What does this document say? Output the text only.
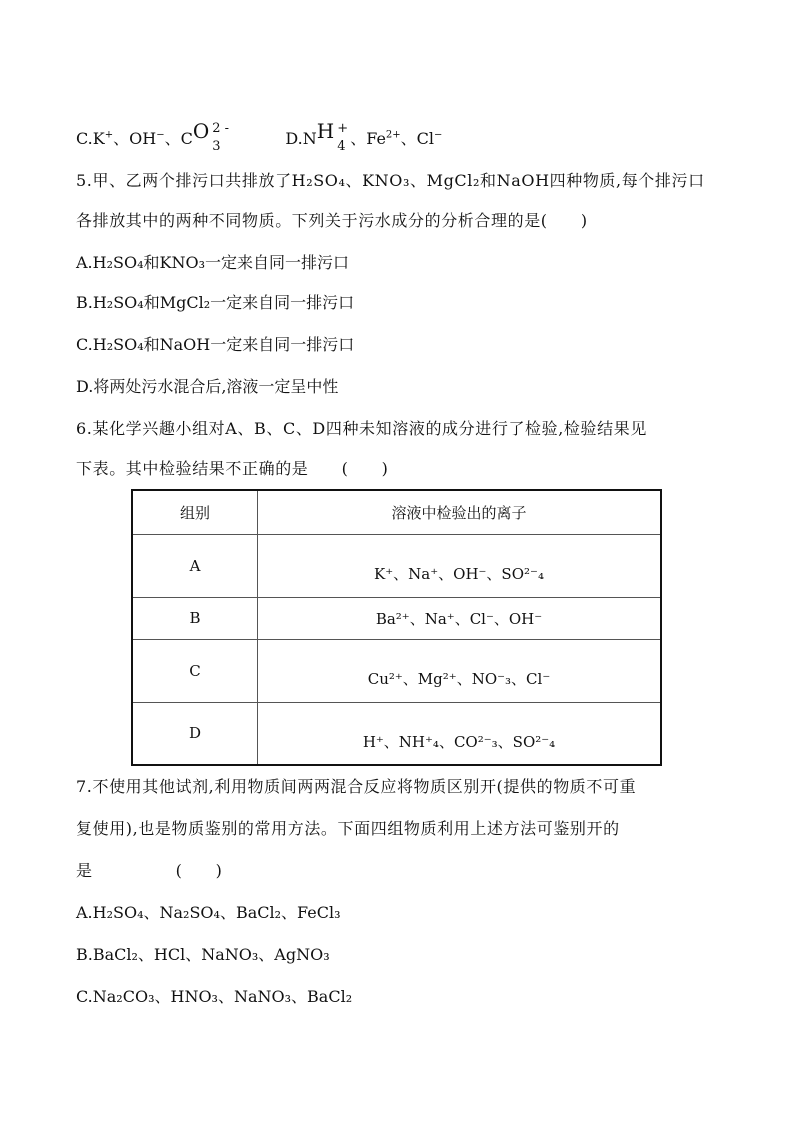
C.K+、OH−、CO 2 -
3	D.NH +
4 、$Fe^{2+}$、Cl−
5.甲、乙两个排污口共排放了H₂SO₄、KNO₃、MgCl₂和NaOH四种物质,每个排污口
各排放其中的两种不同物质。下列关于污水成分的分析合理的是(　　)
A.H₂SO₄和KNO₃一定来自同一排污口
B.H₂SO₄和MgCl₂一定来自同一排污口
C.H₂SO₄和NaOH一定来自同一排污口
D.将两处污水混合后,溶液一定呈中性
6.某化学兴趣小组对A、B、C、D四种未知溶液的成分进行了检验,检验结果见
下表。其中检验结果不正确的是　　(　　)
组别	溶液中检验出的离子
A	K⁺、Na⁺、OH⁻、SO²⁻₄
B	Ba²⁺、Na⁺、Cl⁻、OH⁻
C	Cu²⁺、Mg²⁺、NO⁻₃、Cl⁻
D	H⁺、NH⁺₄、CO²⁻₃、SO²⁻₄
7.不使用其他试剂,利用物质间两两混合反应将物质区别开(提供的物质不可重
复使用),也是物质鉴别的常用方法。下面四组物质利用上述方法可鉴别开的
是　　　　　(　　)
A.H₂SO₄、Na₂SO₄、BaCl₂、FeCl₃
B.BaCl₂、HCl、NaNO₃、AgNO₃
C.Na₂CO₃、HNO₃、NaNO₃、BaCl₂
